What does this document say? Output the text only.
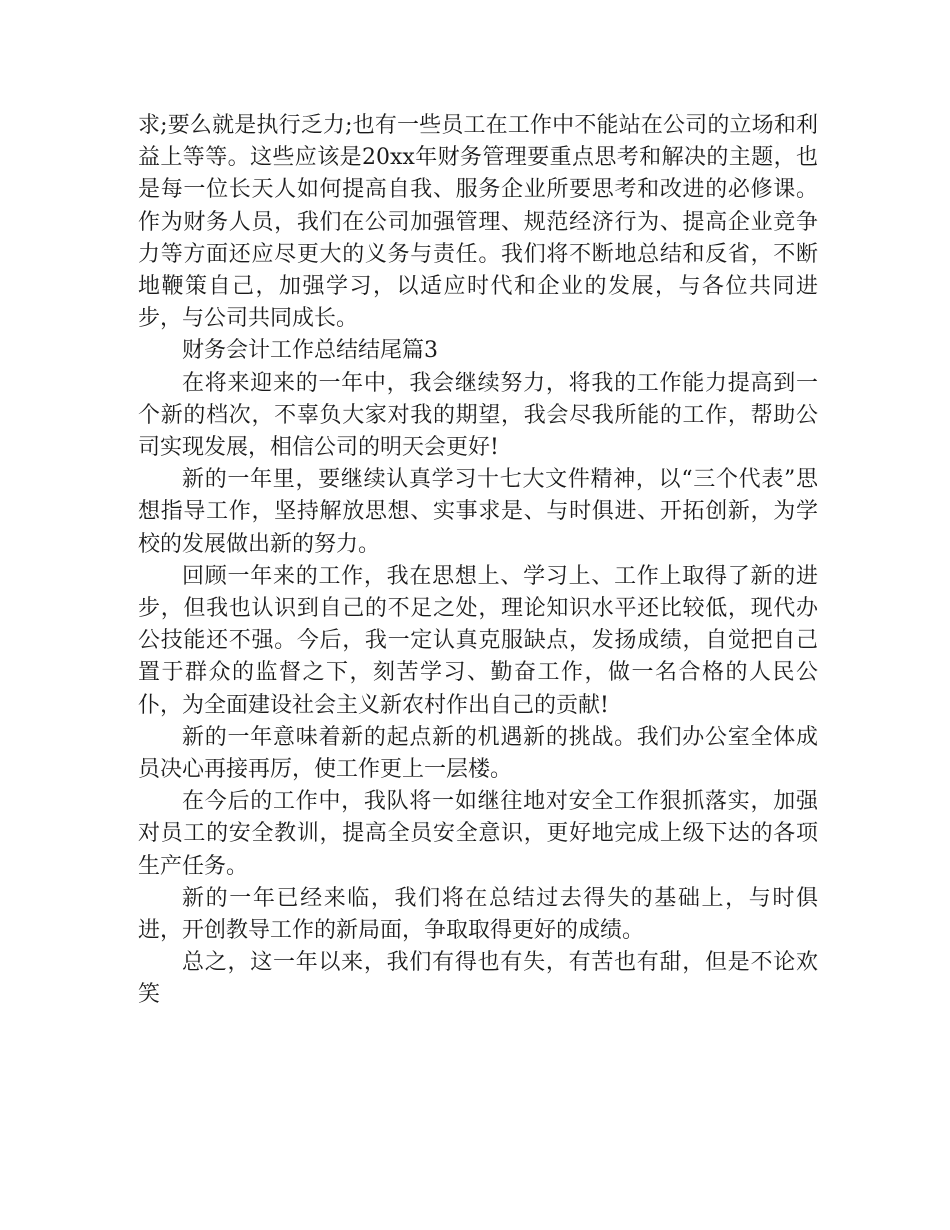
求;要么就是执行乏力;也有一些员工在工作中不能站在公司的立场和利益上等等。这些应该是20xx年财务管理要重点思考和解决的主题，也是每一位长天人如何提高自我、服务企业所要思考和改进的必修课。作为财务人员，我们在公司加强管理、规范经济行为、提高企业竞争力等方面还应尽更大的义务与责任。我们将不断地总结和反省，不断地鞭策自己，加强学习，以适应时代和企业的发展，与各位共同进步，与公司共同成长。

财务会计工作总结结尾篇3

在将来迎来的一年中，我会继续努力，将我的工作能力提高到一个新的档次，不辜负大家对我的期望，我会尽我所能的工作，帮助公司实现发展，相信公司的明天会更好!

新的一年里，要继续认真学习十七大文件精神，以“三个代表”思想指导工作，坚持解放思想、实事求是、与时俱进、开拓创新，为学校的发展做出新的努力。

回顾一年来的工作，我在思想上、学习上、工作上取得了新的进步，但我也认识到自己的不足之处，理论知识水平还比较低，现代办公技能还不强。今后，我一定认真克服缺点，发扬成绩，自觉把自己置于群众的监督之下，刻苦学习、勤奋工作，做一名合格的人民公仆，为全面建设社会主义新农村作出自己的贡献!

新的一年意味着新的起点新的机遇新的挑战。我们办公室全体成员决心再接再厉，使工作更上一层楼。

在今后的工作中，我队将一如继往地对安全工作狠抓落实，加强对员工的安全教训，提高全员安全意识，更好地完成上级下达的各项生产任务。

新的一年已经来临，我们将在总结过去得失的基础上，与时俱进，开创教导工作的新局面，争取取得更好的成绩。

总之，这一年以来，我们有得也有失，有苦也有甜，但是不论欢笑
